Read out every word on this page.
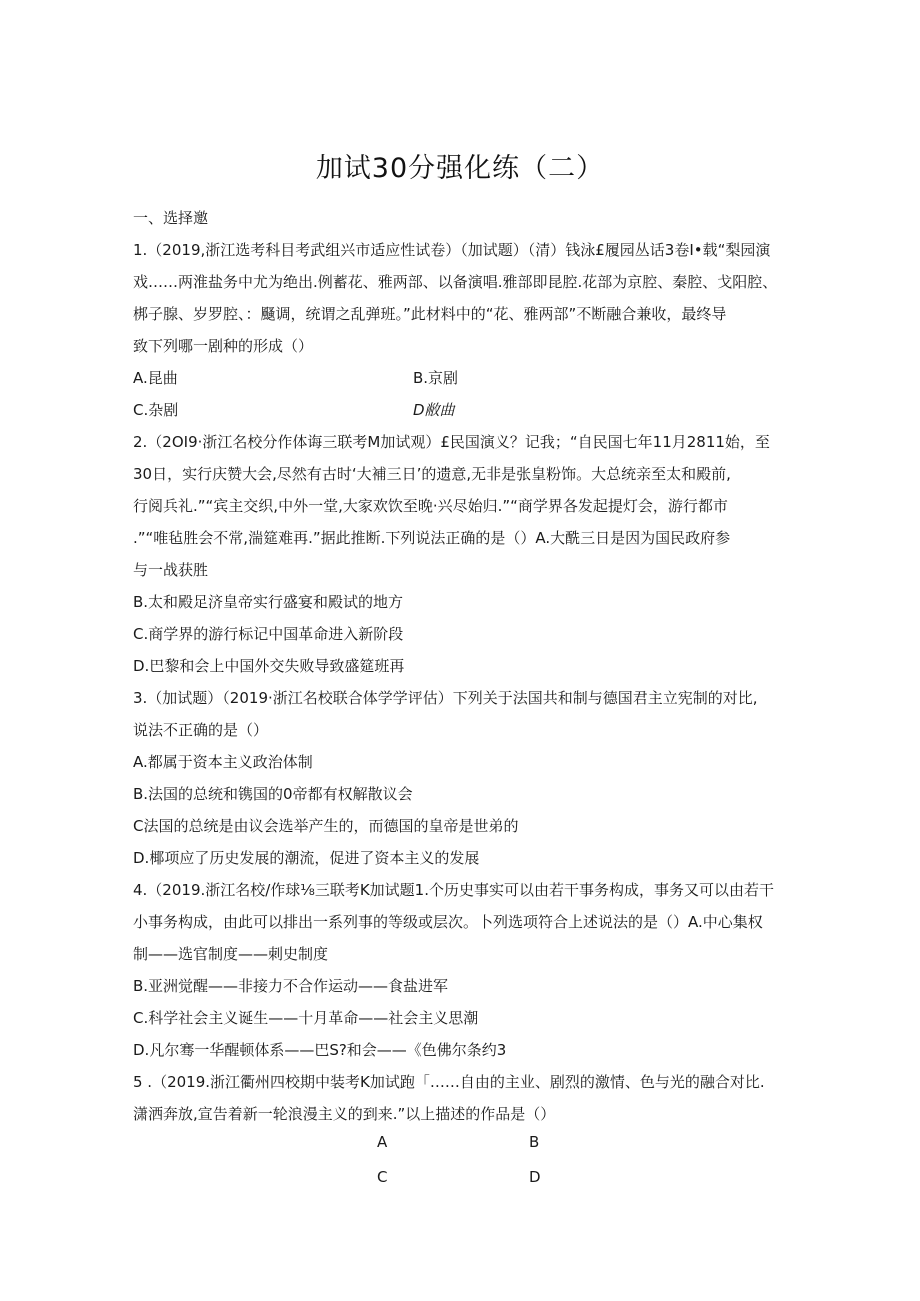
加试30分强化练（二）
一、选择邀
1.（2019,浙江选考科目考武组兴市适应性试卷）（加试题）（清）钱泳£履园丛话3卷I•载“梨园演
戏……两淮盐务中尤为绝出.例蓄花、雅两部、以备演唱.雅部即昆腔.花部为京腔、秦腔、戈阳腔、
梆子腺、岁罗腔、：颾调，统谓之乱弹班。”此材料中的“花、雅两部”不断融合兼收，最终导
致下列哪一剧种的形成（）
A.昆曲	B.京剧
C.杂剧	D敝曲
2.（2OI9·浙江名校分作体诲三联考M加试观）£民国演义？记我；“自民国七年11月2811始，至
30日，实行庆赞大会,尽然有古时‘大補三日’的遗意,无非是张皇粉饰。大总统亲至太和殿前,
行阅兵礼.”“宾主交织,中外一堂,大家欢饮至晚·兴尽始归.”“商学界各发起提灯会，游行都市
.”“唯毡胜会不常,湍筵难再.”据此推断.下列说法正确的是（）A.大酰三日是因为国民政府参
与一战获胜
B.太和殿足济皇帝实行盛宴和殿试的地方
C.商学界的游行标记中国革命进入新阶段
D.巴黎和会上中国外交失败导致盛筵班再
3.（加试题）（2019·浙江名校联合体学学评估）下列关于法国共和制与德国君主立宪制的对比,
说法不正确的是（）
A.都属于资本主义政治体制
B.法国的总统和镌国的0帝都有权解散议会
C法国的总统是由议会选举产生的，而德国的皇帝是世弟的
D.椰项应了历史发展的潮流，促进了资本主义的发展
4.（2019.浙江名校/作球⅛三联考K加试题1.个历史事实可以由若干事务构成，事务又可以由若干
小事务构成，由此可以排出一系列事的等级或层次。卜列选项符合上述说法的是（）A.中心集权
制——选官制度——刺史制度
B.亚洲觉醒——非接力不合作运动——食盐进军
C.科学社会主义诞生——十月革命——社会主义思潮
D.凡尔骞一华醒顿体系——巴S?和会——《色佛尔条约3
5 .（2019.浙江衢州四校期中装考K加试跑「……自由的主业、剧烈的激情、色与光的融合对比.
潇洒奔放,宣告着新一轮浪漫主义的到来.”以上描述的作品是（）
A	B
C	D
